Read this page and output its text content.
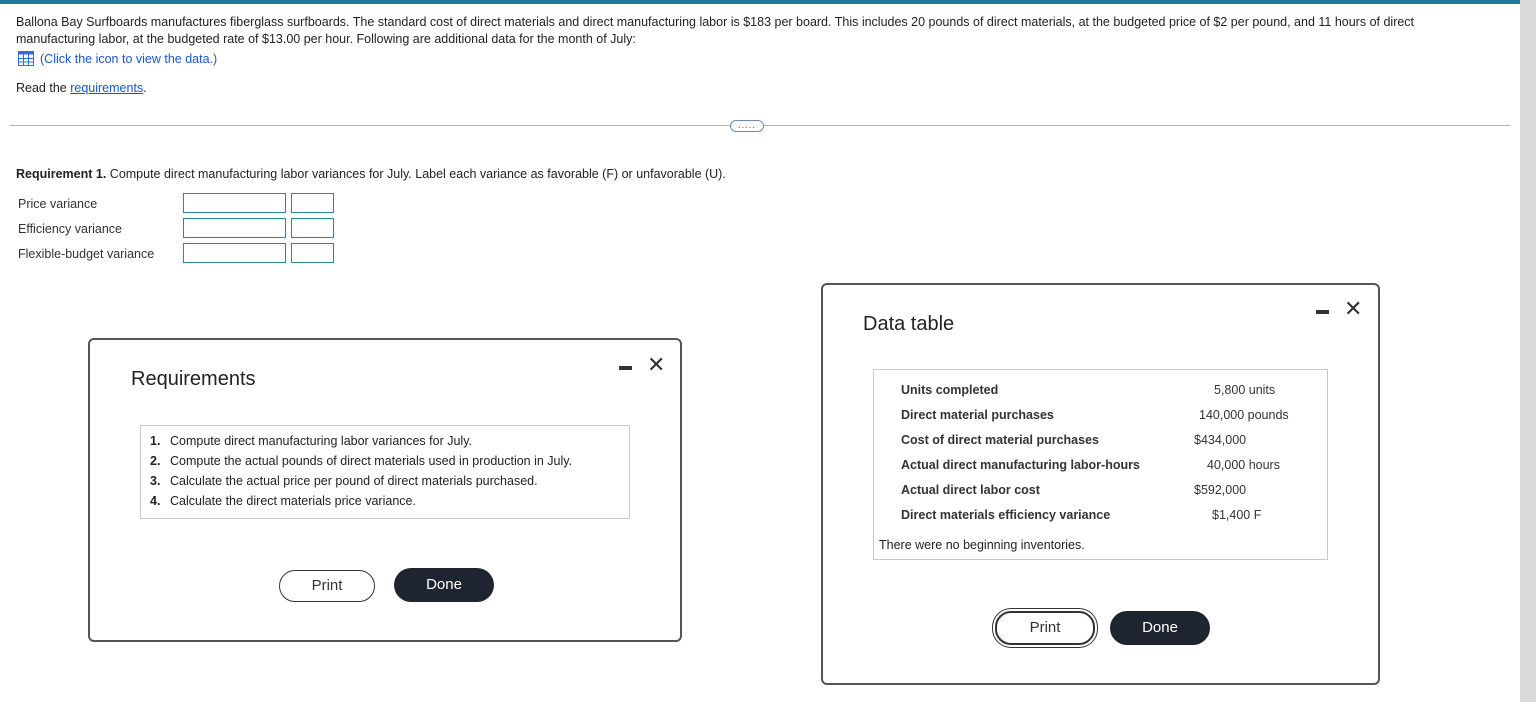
Ballona Bay Surfboards manufactures fiberglass surfboards. The standard cost of direct materials and direct manufacturing labor is $183 per board. This includes 20 pounds of direct materials, at the budgeted price of $2 per pound, and 11 hours of direct manufacturing labor, at the budgeted rate of $13.00 per hour. Following are additional data for the month of July:
(Click the icon to view the data.)
Read the requirements.
.....
Requirement 1. Compute direct manufacturing labor variances for July. Label each variance as favorable (F) or unfavorable (U).
Price variance
Efficiency variance
Flexible-budget variance
Requirements
✕
1. Compute direct manufacturing labor variances for July.
2. Compute the actual pounds of direct materials used in production in July.
3. Calculate the actual price per pound of direct materials purchased.
4. Calculate the direct materials price variance.
Print	Done
Data table
✕
Units completed	5,800 units
Direct material purchases	140,000 pounds
Cost of direct material purchases	$434,000
Actual direct manufacturing labor-hours	40,000 hours
Actual direct labor cost	$592,000
Direct materials efficiency variance	$1,400 F
There were no beginning inventories.
Print	Done
